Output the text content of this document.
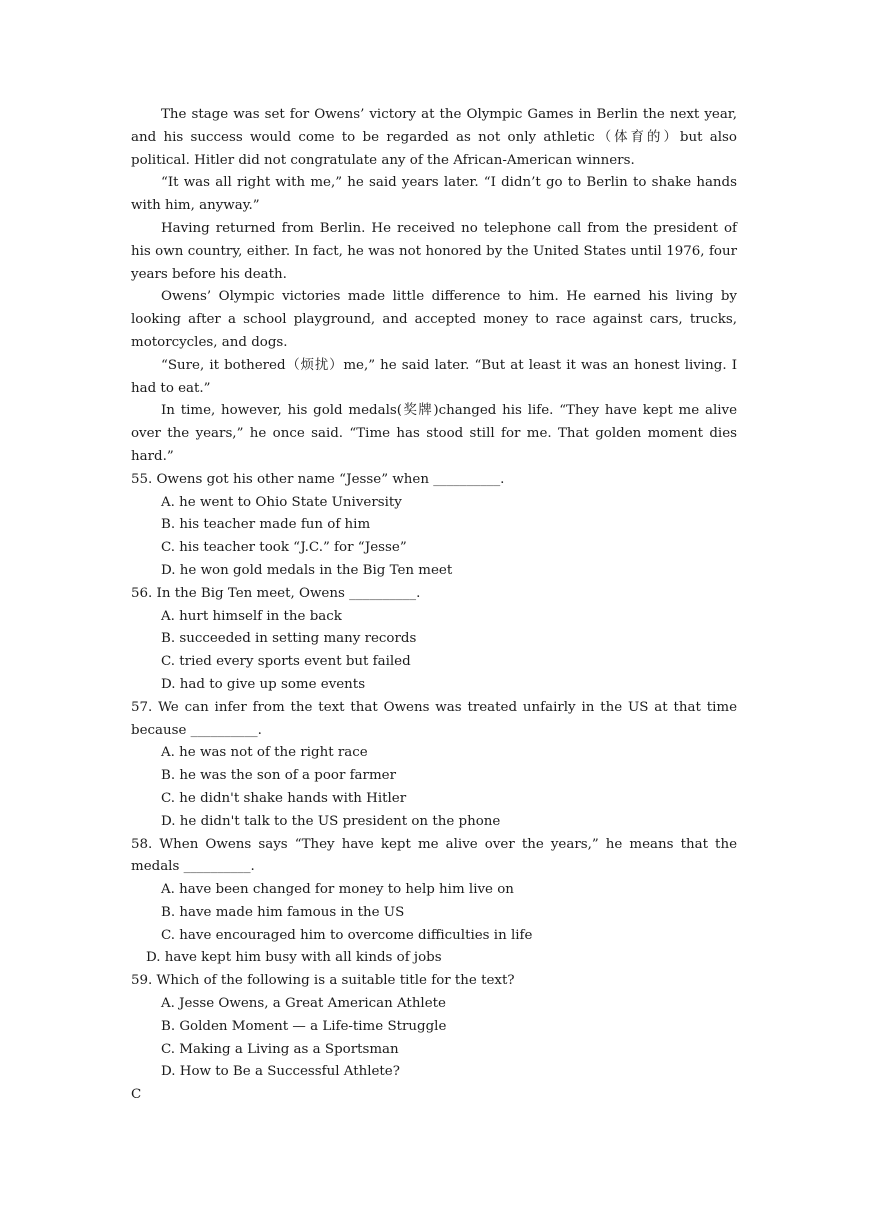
The stage was set for Owens’ victory at the Olympic Games in Berlin the next year, and his success would come to be regarded as not only athletic（体育的）but also political. Hitler did not congratulate any of the African-American winners.

“It was all right with me,” he said years later. “I didn’t go to Berlin to shake hands with him, anyway.”

Having returned from Berlin. He received no telephone call from the president of his own country, either. In fact, he was not honored by the United States until 1976, four years before his death.

Owens’ Olympic victories made little difference to him. He earned his living by looking after a school playground, and accepted money to race against cars, trucks, motorcycles, and dogs.

“Sure, it bothered（烦扰）me,” he said later. “But at least it was an honest living. I had to eat.”

In time, however, his gold medals(奖牌)changed his life. “They have kept me alive over the years,” he once said. “Time has stood still for me. That golden moment dies hard.”

55. Owens got his other name “Jesse” when __________.

A. he went to Ohio State University

B. his teacher made fun of him

C. his teacher took “J.C.” for “Jesse”

D. he won gold medals in the Big Ten meet

56. In the Big Ten meet, Owens __________.

A. hurt himself in the back

B. succeeded in setting many records

C. tried every sports event but failed

D. had to give up some events

57. We can infer from the text that Owens was treated unfairly in the US at that time because __________.

A. he was not of the right race

B. he was the son of a poor farmer

C. he didn't shake hands with Hitler

D. he didn't talk to the US president on the phone

58. When Owens says “They have kept me alive over the years,” he means that the medals __________.

A. have been changed for money to help him live on

B. have made him famous in the US

C. have encouraged him to overcome difficulties in life

D. have kept him busy with all kinds of jobs

59. Which of the following is a suitable title for the text?

A. Jesse Owens, a Great American Athlete

B. Golden Moment — a Life-time Struggle

C. Making a Living as a Sportsman

D. How to Be a Successful Athlete?

C
